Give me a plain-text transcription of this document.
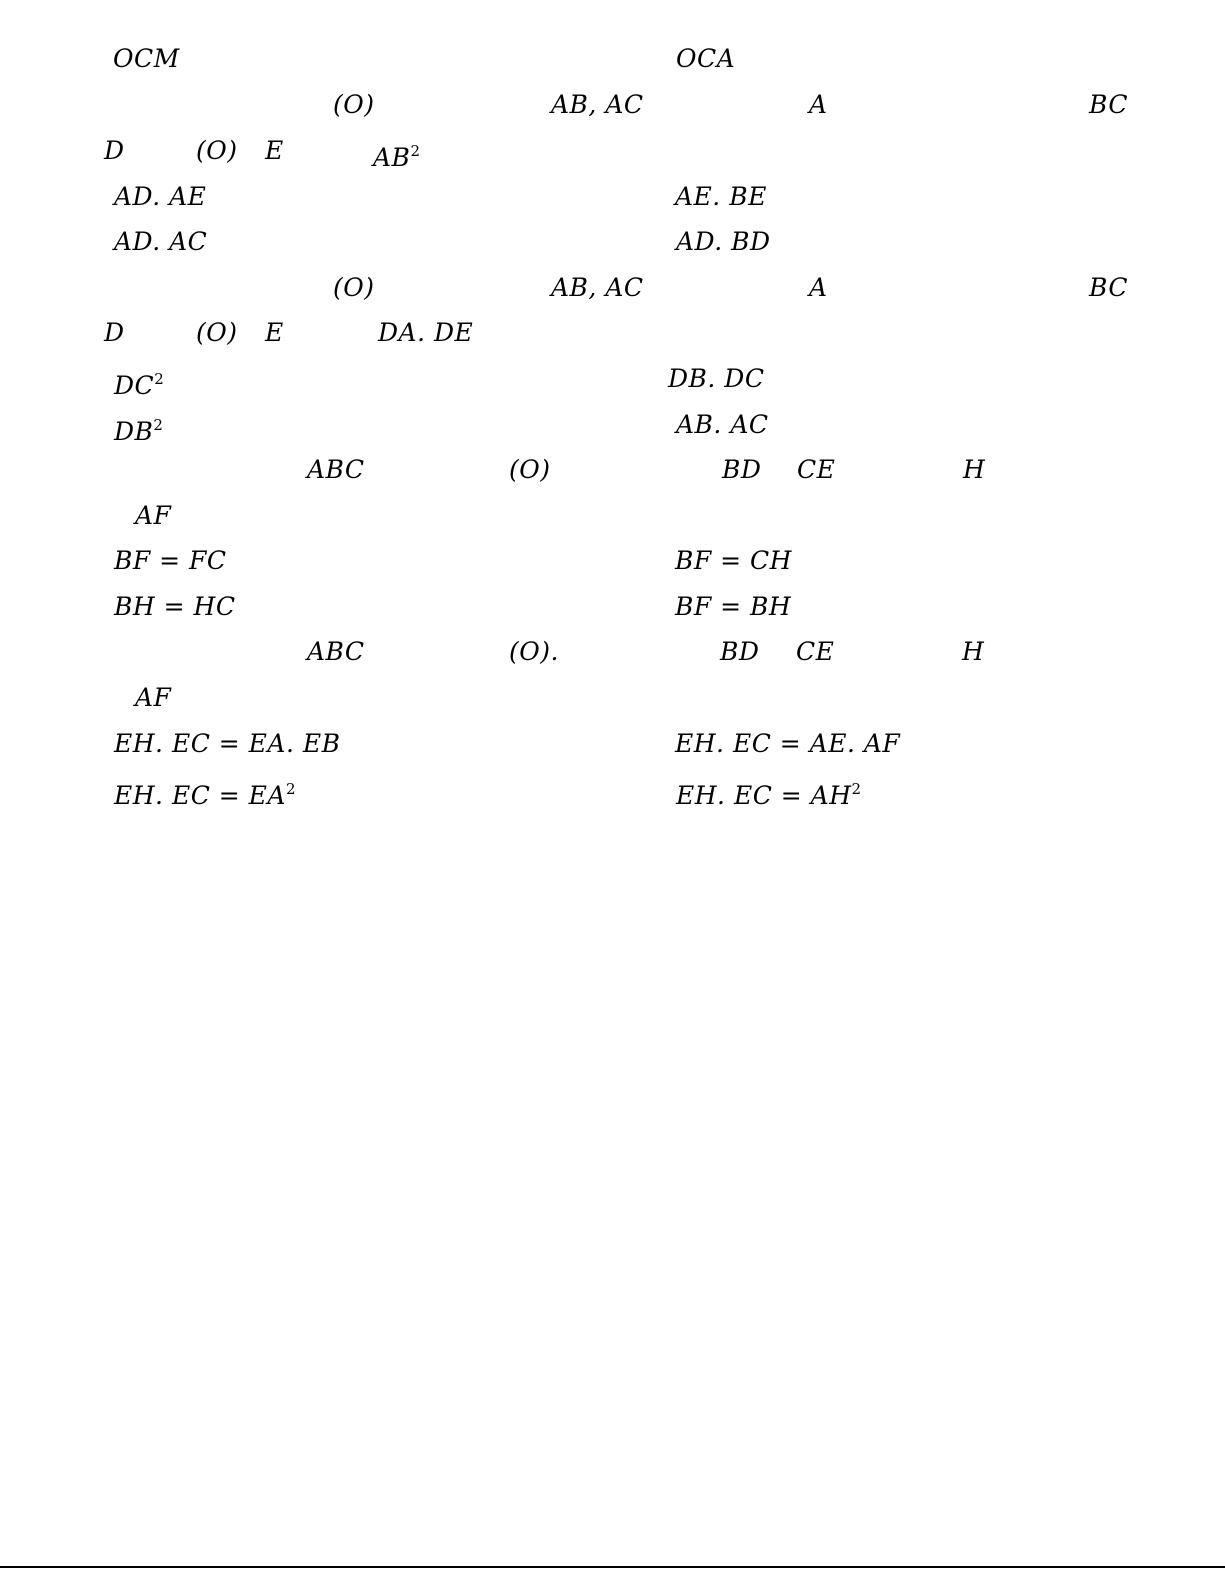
OCM	OCA
(O)	AB, AC	A	BC
D	(O) E	$AB^2$
AD. AE	AE. BE
AD. AC	AD. BD
(O)	AB, AC	A	BC
D	(O) E	DA. DE
$DC^2$	DB. DC
$DB^2$	AB. AC
ABC	(O)	BD CE	H
AF
BF = FC	BF = CH
BH = HC	BF = BH
ABC	(O).	BD CE	H
AF
EH. EC = EA. EB	EH. EC = AE. AF
EH. EC = $EA^2$	EH. EC = $AH^2$
